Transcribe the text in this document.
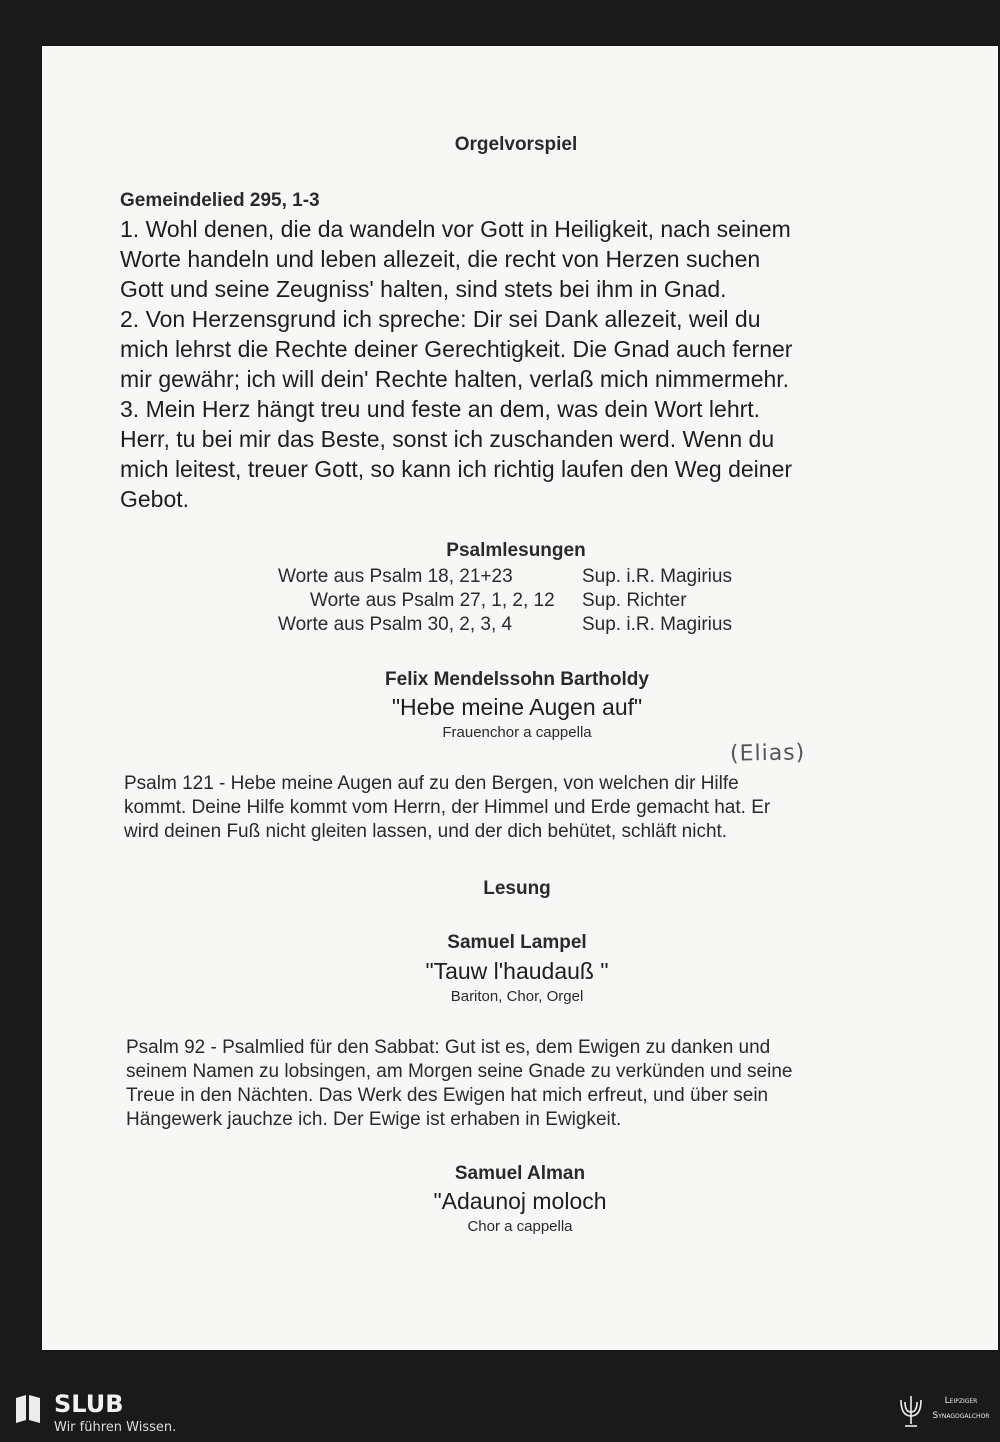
Orgelvorspiel
Gemeindelied 295, 1-3
1. Wohl denen, die da wandeln vor Gott in Heiligkeit, nach seinem
Worte handeln und leben allezeit, die recht von Herzen suchen
Gott und seine Zeugniss' halten, sind stets bei ihm in Gnad.
2. Von Herzensgrund ich spreche: Dir sei Dank allezeit, weil du
mich lehrst die Rechte deiner Gerechtigkeit. Die Gnad auch ferner
mir gewähr; ich will dein' Rechte halten, verlaß mich nimmermehr.
3. Mein Herz hängt treu und feste an dem, was dein Wort lehrt.
Herr, tu bei mir das Beste, sonst ich zuschanden werd. Wenn du
mich leitest, treuer Gott, so kann ich richtig laufen den Weg deiner
Gebot.
Psalmlesungen
Worte aus Psalm 18, 21+23	Sup. i.R. Magirius
Worte aus Psalm 27, 1, 2, 12 Sup. Richter
Worte aus Psalm 30, 2, 3, 4	Sup. i.R. Magirius
Felix Mendelssohn Bartholdy
"Hebe meine Augen auf"
(Elias)
Frauenchor a cappella
Psalm 121 - Hebe meine Augen auf zu den Bergen, von welchen dir Hilfe
kommt. Deine Hilfe kommt vom Herrn, der Himmel und Erde gemacht hat. Er
wird deinen Fuß nicht gleiten lassen, und der dich behütet, schläft nicht.
Lesung
Samuel Lampel
"Tauw l'haudauß "
Bariton, Chor, Orgel
Psalm 92 - Psalmlied für den Sabbat: Gut ist es, dem Ewigen zu danken und
seinem Namen zu lobsingen, am Morgen seine Gnade zu verkünden und seine
Treue in den Nächten. Das Werk des Ewigen hat mich erfreut, und über sein
Hängewerk jauchze ich. Der Ewige ist erhaben in Ewigkeit.
Samuel Alman
"Adaunoj moloch
Chor a cappella
SLUB
Wir führen Wissen.
Leipziger
Synagogalchor
